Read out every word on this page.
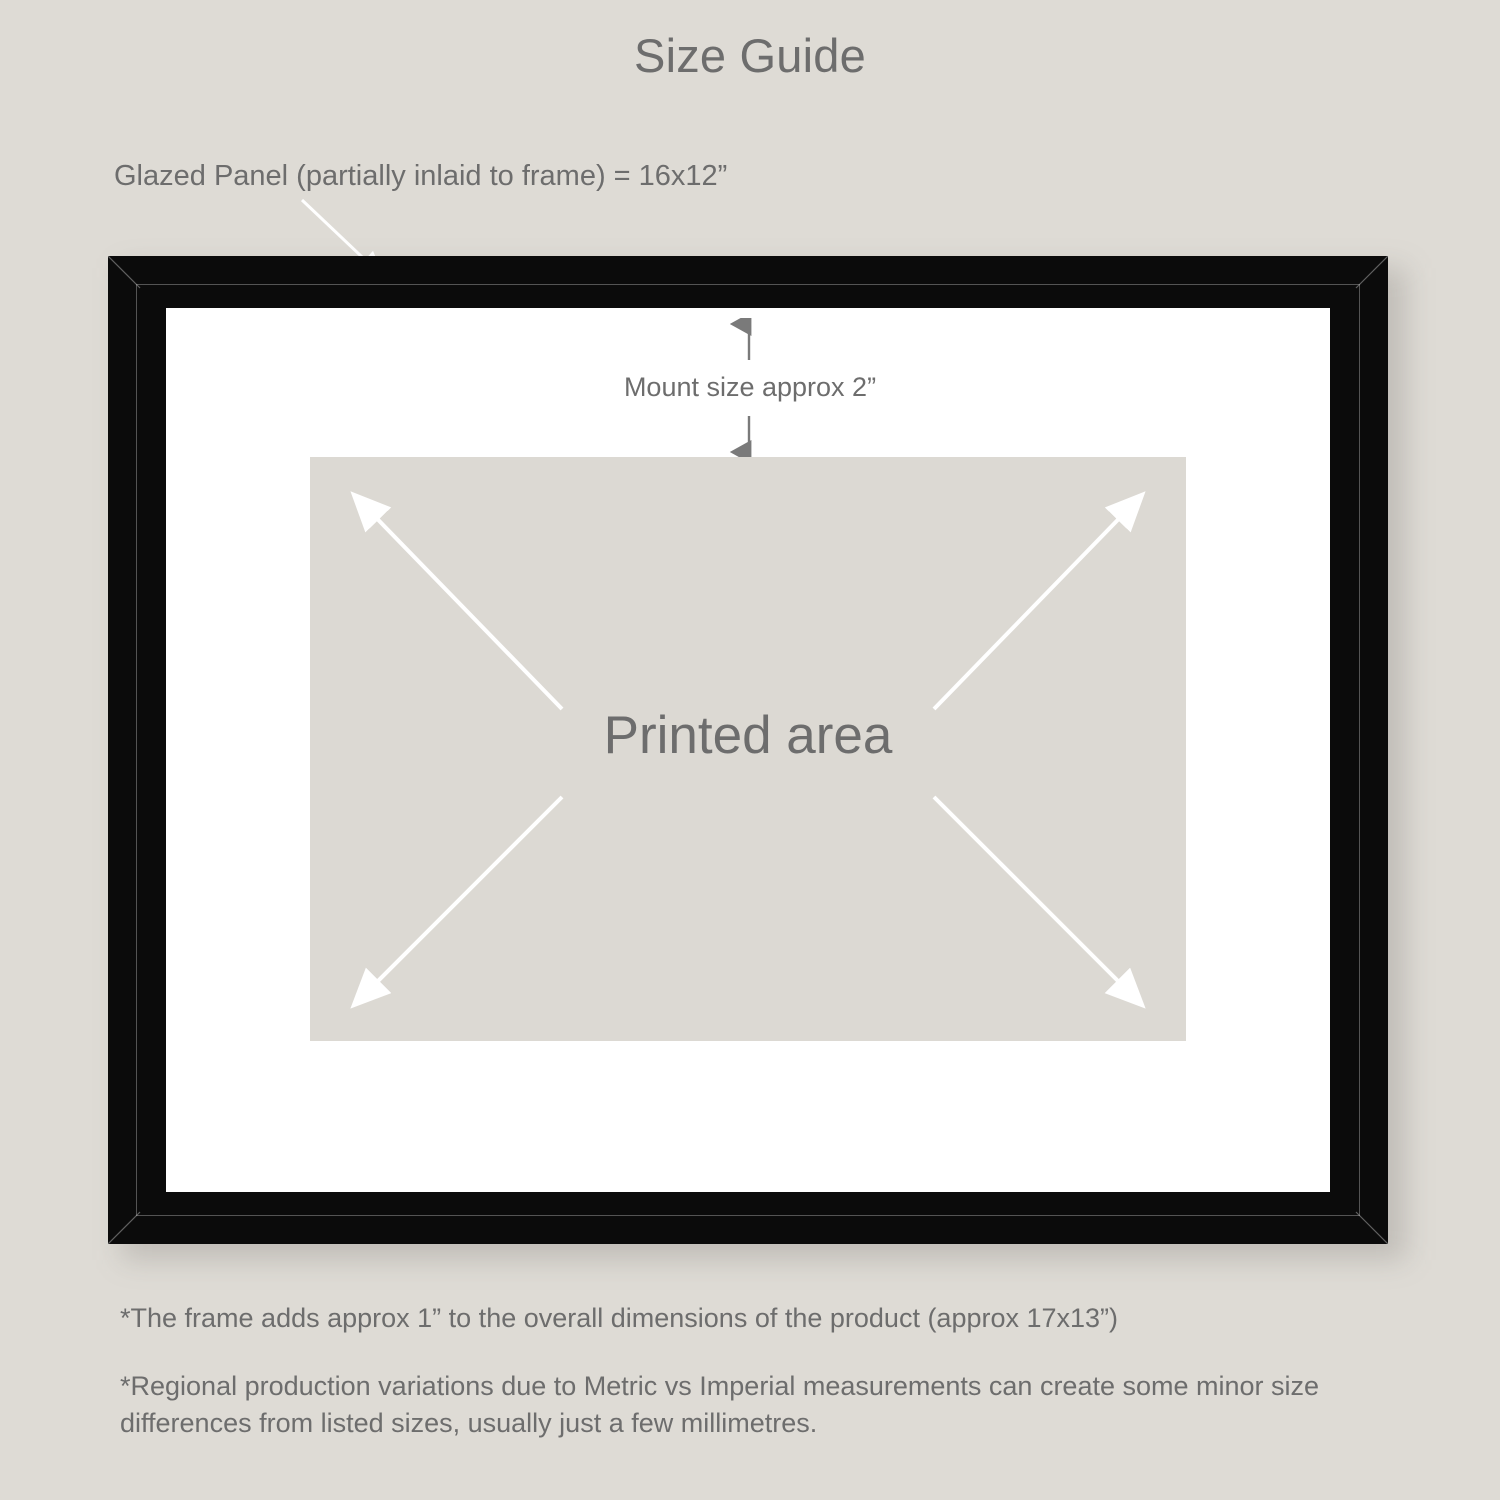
Size Guide
Glazed Panel (partially inlaid to frame) = 16x12”
Mount size approx 2”
Printed area
*The frame adds approx 1” to the overall dimensions of the product (approx 17x13”)
*Regional production variations due to Metric vs Imperial measurements can create some minor size differences from listed sizes, usually just a few millimetres.
